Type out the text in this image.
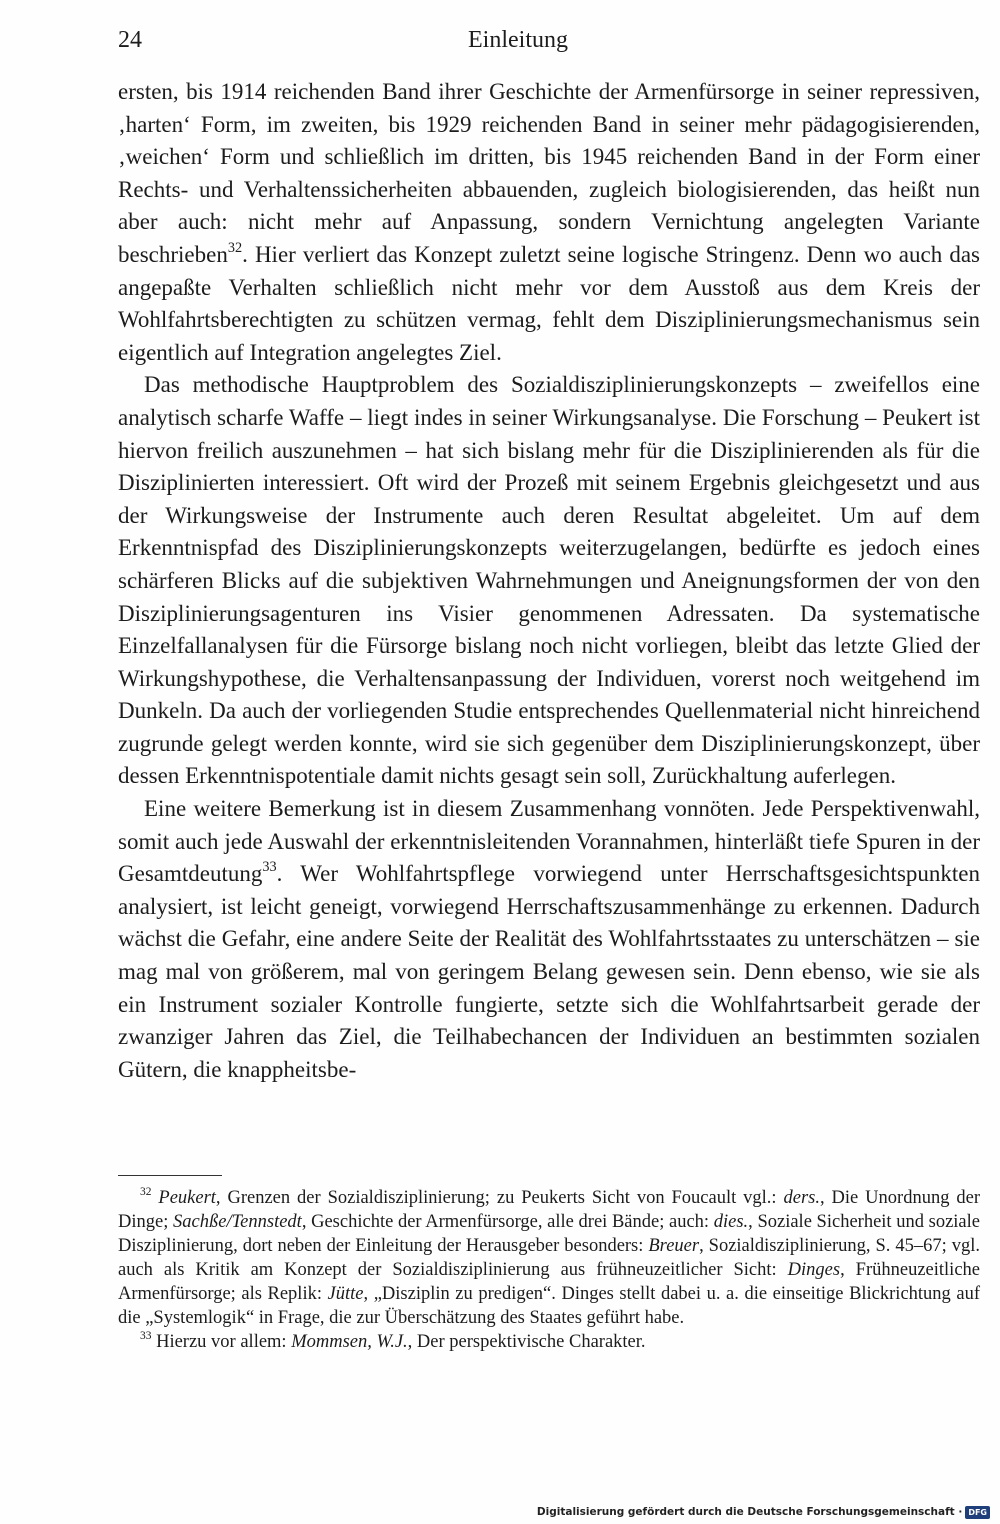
24	Einleitung

ersten, bis 1914 reichenden Band ihrer Geschichte der Armenfürsorge in seiner repressiven, ‚harten‘ Form, im zweiten, bis 1929 reichenden Band in seiner mehr pädagogisierenden, ‚weichen‘ Form und schließlich im dritten, bis 1945 reichenden Band in der Form einer Rechts- und Verhaltenssicherheiten abbauenden, zugleich biologisierenden, das heißt nun aber auch: nicht mehr auf Anpassung, sondern Vernichtung angelegten Variante beschrieben$^{32}$. Hier verliert das Konzept zuletzt seine logische Stringenz. Denn wo auch das angepaßte Verhalten schließlich nicht mehr vor dem Ausstoß aus dem Kreis der Wohlfahrtsberechtigten zu schützen vermag, fehlt dem Disziplinierungsmechanismus sein eigentlich auf Integration angelegtes Ziel.

Das methodische Hauptproblem des Sozialdisziplinierungskonzepts – zweifellos eine analytisch scharfe Waffe – liegt indes in seiner Wirkungsanalyse. Die Forschung – Peukert ist hiervon freilich auszunehmen – hat sich bislang mehr für die Disziplinierenden als für die Disziplinierten interessiert. Oft wird der Prozeß mit seinem Ergebnis gleichgesetzt und aus der Wirkungsweise der Instrumente auch deren Resultat abgeleitet. Um auf dem Erkenntnispfad des Disziplinierungskonzepts weiterzugelangen, bedürfte es jedoch eines schärferen Blicks auf die subjektiven Wahrnehmungen und Aneignungsformen der von den Disziplinierungsagenturen ins Visier genommenen Adressaten. Da systematische Einzelfallanalysen für die Fürsorge bislang noch nicht vorliegen, bleibt das letzte Glied der Wirkungshypothese, die Verhaltensanpassung der Individuen, vorerst noch weitgehend im Dunkeln. Da auch der vorliegenden Studie entsprechendes Quellenmaterial nicht hinreichend zugrunde gelegt werden konnte, wird sie sich gegenüber dem Disziplinierungskonzept, über dessen Erkenntnispotentiale damit nichts gesagt sein soll, Zurückhaltung auferlegen.

Eine weitere Bemerkung ist in diesem Zusammenhang vonnöten. Jede Perspektivenwahl, somit auch jede Auswahl der erkenntnisleitenden Vorannahmen, hinterläßt tiefe Spuren in der Gesamtdeutung$^{33}$. Wer Wohlfahrtspflege vorwiegend unter Herrschaftsgesichtspunkten analysiert, ist leicht geneigt, vorwiegend Herrschaftszusammenhänge zu erkennen. Dadurch wächst die Gefahr, eine andere Seite der Realität des Wohlfahrtsstaates zu unterschätzen – sie mag mal von größerem, mal von geringem Belang gewesen sein. Denn ebenso, wie sie als ein Instrument sozialer Kontrolle fungierte, setzte sich die Wohlfahrtsarbeit gerade der zwanziger Jahren das Ziel, die Teilhabechancen der Individuen an bestimmten sozialen Gütern, die knappheitsbe-

$^{32}$ Peukert, Grenzen der Sozialdisziplinierung; zu Peukerts Sicht von Foucault vgl.: ders., Die Unordnung der Dinge; Sachße/Tennstedt, Geschichte der Armenfürsorge, alle drei Bände; auch: dies., Soziale Sicherheit und soziale Disziplinierung, dort neben der Einleitung der Herausgeber besonders: Breuer, Sozialdisziplinierung, S. 45–67; vgl. auch als Kritik am Konzept der Sozialdisziplinierung aus frühneuzeitlicher Sicht: Dinges, Frühneuzeitliche Armenfürsorge; als Replik: Jütte, „Disziplin zu predigen“. Dinges stellt dabei u. a. die einseitige Blickrichtung auf die „Systemlogik“ in Frage, die zur Überschätzung des Staates geführt habe.

$^{33}$ Hierzu vor allem: Mommsen, W.J., Der perspektivische Charakter.

Digitalisierung gefördert durch die Deutsche Forschungsgemeinschaft · DFG
